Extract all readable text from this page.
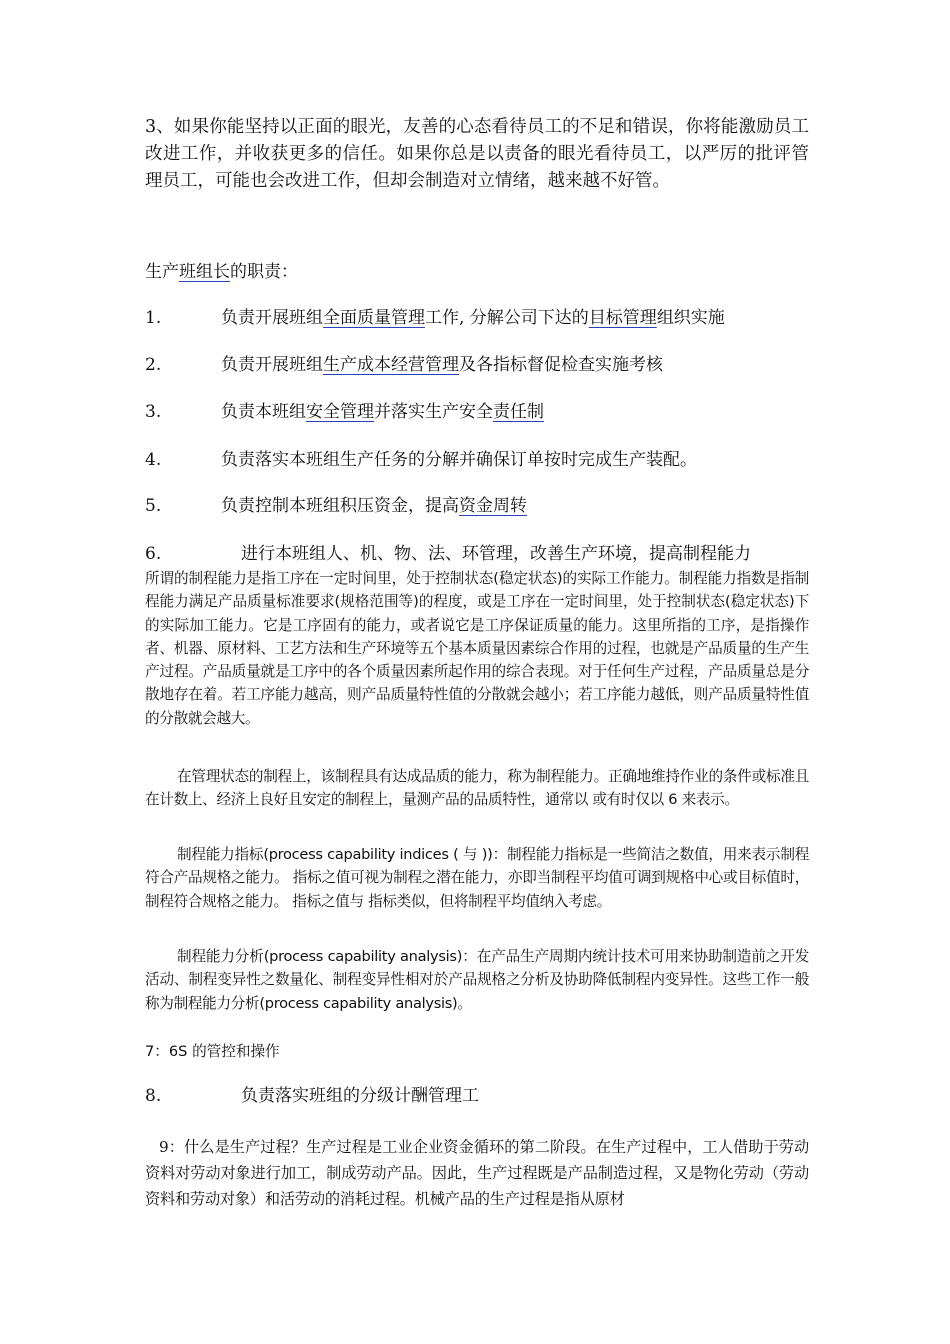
3、如果你能坚持以正面的眼光，友善的心态看待员工的不足和错误，你将能激励员工改进工作，并收获更多的信任。如果你总是以责备的眼光看待员工，以严厉的批评管理员工，可能也会改进工作，但却会制造对立情绪，越来越不好管。

生产班组长的职责：

1.	负责开展班组全面质量管理工作, 分解公司下达的目标管理组织实施

2.	负责开展班组生产成本经营管理及各指标督促检查实施考核

3.	负责本班组安全管理并落实生产安全责任制

4.	负责落实本班组生产任务的分解并确保订单按时完成生产装配。

5.	负责控制本班组积压资金，提高资金周转

6.	进行本班组人、机、物、法、环管理，改善生产环境，提高制程能力

所谓的制程能力是指工序在一定时间里，处于控制状态(稳定状态)的实际工作能力。制程能力指数是指制程能力满足产品质量标准要求(规格范围等)的程度，或是工序在一定时间里，处于控制状态(稳定状态)下的实际加工能力。它是工序固有的能力，或者说它是工序保证质量的能力。这里所指的工序，是指操作者、机器、原材料、工艺方法和生产环境等五个基本质量因素综合作用的过程，也就是产品质量的生产生产过程。产品质量就是工序中的各个质量因素所起作用的综合表现。对于任何生产过程，产品质量总是分散地存在着。若工序能力越高，则产品质量特性值的分散就会越小；若工序能力越低，则产品质量特性值的分散就会越大。

在管理状态的制程上，该制程具有达成品质的能力，称为制程能力。正确地维持作业的条件或标准且在计数上、经济上良好且安定的制程上，量测产品的品质特性，通常以 或有时仅以 6 来表示。

制程能力指标(process capability indices ( 与 ))：制程能力指标是一些简洁之数值，用来表示制程符合产品规格之能力。 指标之值可视为制程之潜在能力，亦即当制程平均值可调到规格中心或目标值时，制程符合规格之能力。 指标之值与 指标类似，但将制程平均值纳入考虑。

制程能力分析(process capability analysis)：在产品生产周期内统计技术可用来协助制造前之开发活动、制程变异性之数量化、制程变异性相对於产品规格之分析及协助降低制程内变异性。这些工作一般称为制程能力分析(process capability analysis)。

7：6S 的管控和操作

8.	负责落实班组的分级计酬管理工

9：什么是生产过程？生产过程是工业企业资金循环的第二阶段。在生产过程中，工人借助于劳动资料对劳动对象进行加工，制成劳动产品。因此，生产过程既是产品制造过程，又是物化劳动（劳动资料和劳动对象）和活劳动的消耗过程。机械产品的生产过程是指从原材
